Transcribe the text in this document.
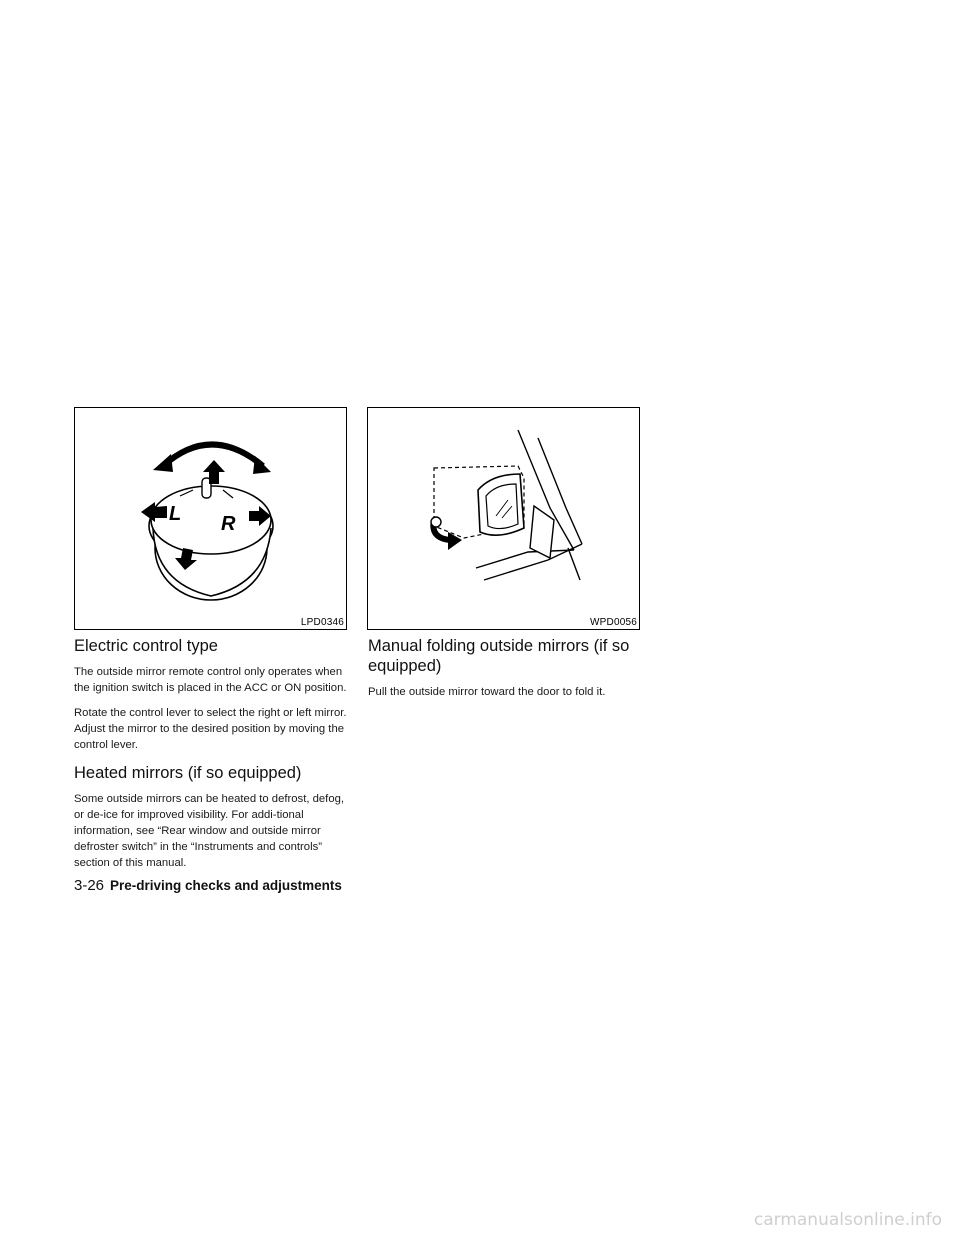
L R
LPD0346	WPD0056
Electric control type

The outside mirror remote control only operates when the ignition switch is placed in the ACC or ON position.

Rotate the control lever to select the right or left mirror. Adjust the mirror to the desired position by moving the control lever.

Heated mirrors (if so equipped)

Some outside mirrors can be heated to defrost, defog, or de-ice for improved visibility. For addi-tional information, see “Rear window and outside mirror defroster switch” in the “Instruments and controls” section of this manual.

Manual folding outside mirrors (if so equipped)

Pull the outside mirror toward the door to fold it.

3-26 Pre-driving checks and adjustments
carmanualsonline.info
